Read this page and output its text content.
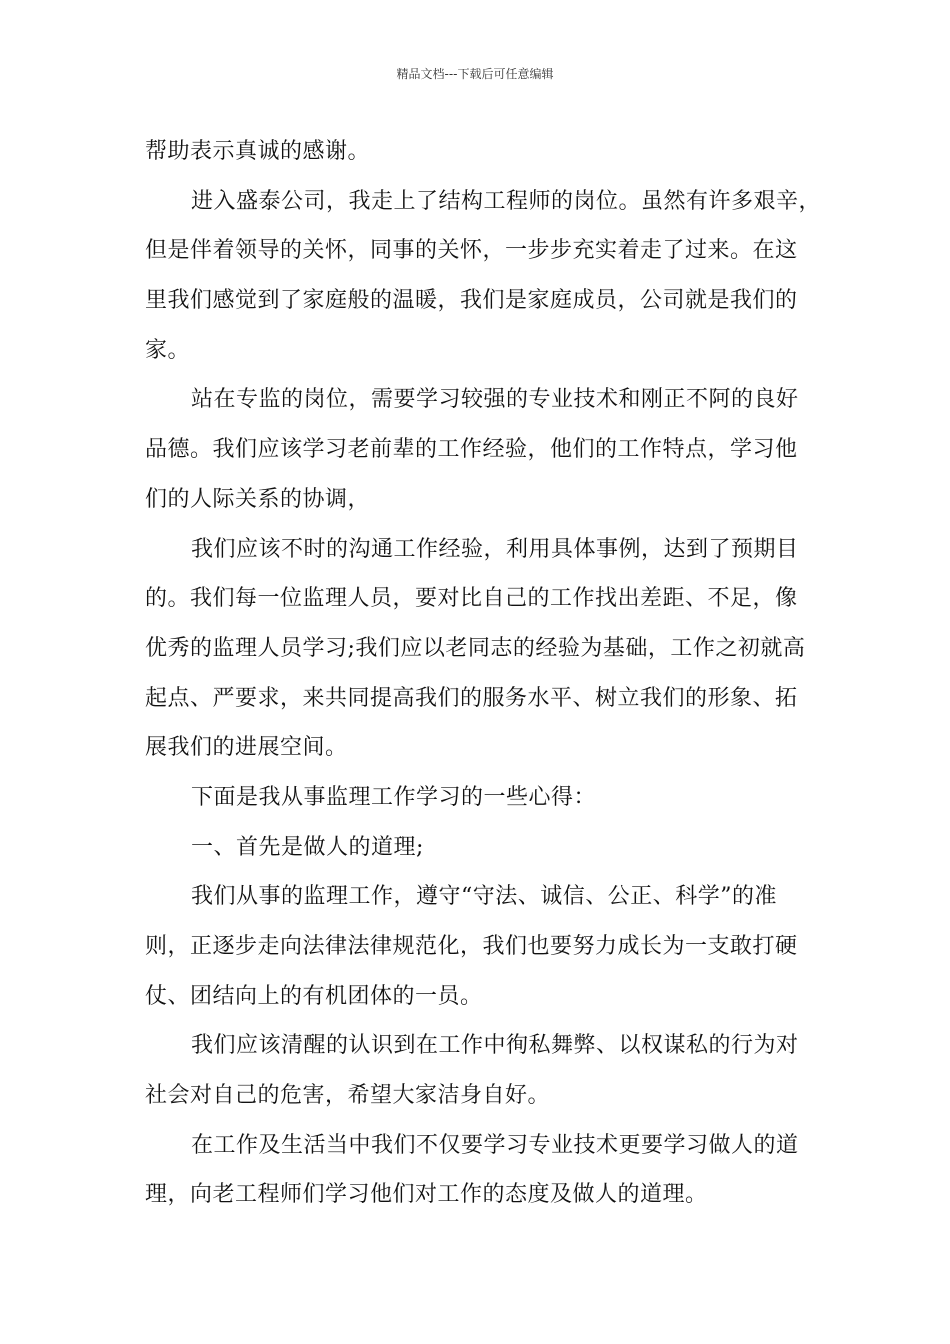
精品文档---下载后可任意编辑
帮助表示真诚的感谢。
进入盛泰公司，我走上了结构工程师的岗位。虽然有许多艰辛，
但是伴着领导的关怀，同事的关怀，一步步充实着走了过来。在这
里我们感觉到了家庭般的温暖，我们是家庭成员，公司就是我们的
家。
站在专监的岗位，需要学习较强的专业技术和刚正不阿的良好
品德。我们应该学习老前辈的工作经验，他们的工作特点，学习他
们的人际关系的协调，
我们应该不时的沟通工作经验，利用具体事例，达到了预期目
的。我们每一位监理人员，要对比自己的工作找出差距、不足，像
优秀的监理人员学习;我们应以老同志的经验为基础，工作之初就高
起点、严要求，来共同提高我们的服务水平、树立我们的形象、拓
展我们的进展空间。
下面是我从事监理工作学习的一些心得：
一、首先是做人的道理;
我们从事的监理工作，遵守“守法、诚信、公正、科学”的准
则，正逐步走向法律法律规范化，我们也要努力成长为一支敢打硬
仗、团结向上的有机团体的一员。
我们应该清醒的认识到在工作中徇私舞弊、以权谋私的行为对
社会对自己的危害，希望大家洁身自好。
在工作及生活当中我们不仅要学习专业技术更要学习做人的道
理，向老工程师们学习他们对工作的态度及做人的道理。
